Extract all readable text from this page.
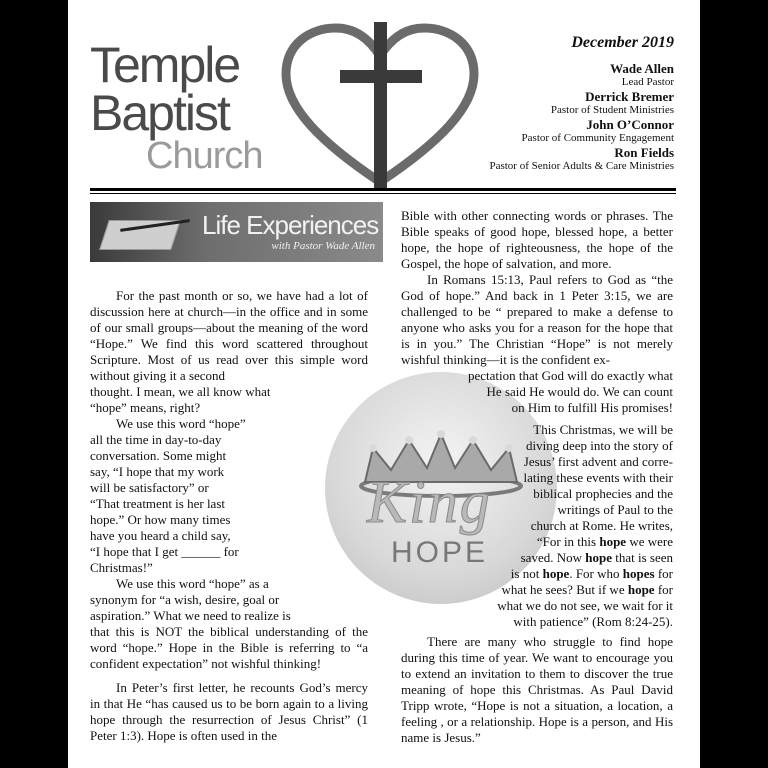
Temple
Baptist
Church
December 2019
Wade Allen
Lead Pastor
Derrick Bremer
Pastor of Student Ministries
John O’Connor
Pastor of Community Engagement
Ron Fields
Pastor of Senior Adults & Care Ministries
Life Experiences
with Pastor Wade Allen

For the past month or so, we have had a lot of discussion here at church—in the office and in some of our small groups—about the meaning of the word “Hope.” We find this word scattered throughout Scripture. Most of us read over this simple word without giving it a second

thought. I mean, we all know what

“hope” means, right?

We use this word “hope”

all the time in day-to-day

conversation. Some might

say, “I hope that my work

will be satisfactory” or

“That treatment is her last

hope.” Or how many times

have you heard a child say,

“I hope that I get ______ for

Christmas!”

We use this word “hope” as a

synonym for “a wish, desire, goal or

aspiration.” What we need to realize is

that this is NOT the biblical understanding of the word “hope.” Hope in the Bible is referring to “a confident expectation” not wishful thinking!

In Peter’s first letter, he recounts God’s mercy in that He “has caused us to be born again to a living hope through the resurrection of Jesus Christ” (1 Peter 1:3). Hope is often used in the

King
HOPE

Bible with other connecting words or phrases. The Bible speaks of good hope, blessed hope, a better hope, the hope of righteousness, the hope of the Gospel, the hope of salvation, and more.

In Romans 15:13, Paul refers to God as “the God of hope.” And back in 1 Peter 3:15, we are challenged to be “ prepared to make a defense to anyone who asks you for a reason for the hope that is in you.” The Christian “Hope” is not merely wishful thinking—it is the confident ex-

pectation that God will do exactly what

He said He would do. We can count

on Him to fulfill His promises!

This Christmas, we will be

diving deep into the story of

Jesus’ first advent and corre-

lating these events with their

biblical prophecies and the

writings of Paul to the

church at Rome. He writes,

“For in this hope we were

saved. Now hope that is seen

is not hope. For who hopes for

what he sees? But if we hope for

what we do not see, we wait for it

with patience” (Rom 8:24-25).

There are many who struggle to find hope during this time of year. We want to encourage you to extend an invitation to them to discover the true meaning of hope this Christmas. As Paul David Tripp wrote, “Hope is not a situation, a location, a feeling , or a relationship. Hope is a person, and His name is Jesus.”
